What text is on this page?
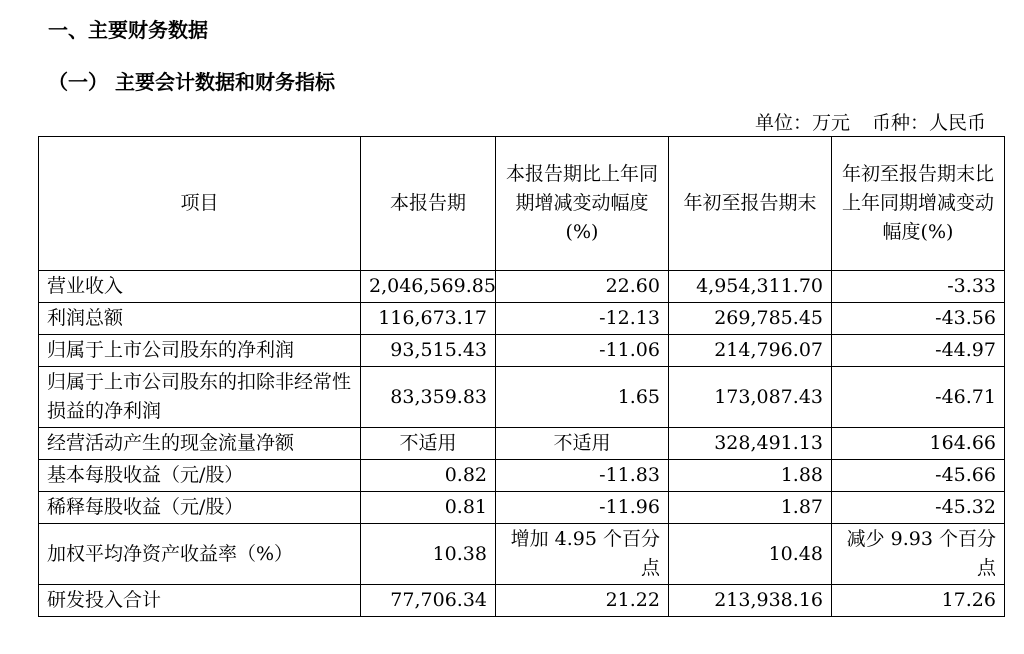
一、主要财务数据
（一） 主要会计数据和财务指标
单位：万元 币种：人民币
项目	本报告期	本报告期比上年同期增减变动幅度(%)	年初至报告期末	年初至报告期末比上年同期增减变动幅度(%)
营业收入	2,046,569.85	22.60	4,954,311.70	-3.33
利润总额	116,673.17	-12.13	269,785.45	-43.56
归属于上市公司股东的净利润	93,515.43	-11.06	214,796.07	-44.97
归属于上市公司股东的扣除非经常性损益的净利润	83,359.83	1.65	173,087.43	-46.71
经营活动产生的现金流量净额	不适用	不适用	328,491.13	164.66
基本每股收益（元/股）	0.82	-11.83	1.88	-45.66
稀释每股收益（元/股）	0.81	-11.96	1.87	-45.32
加权平均净资产收益率（%）	10.38	增加 4.95 个百分点	10.48	减少 9.93 个百分点
研发投入合计	77,706.34	21.22	213,938.16	17.26
